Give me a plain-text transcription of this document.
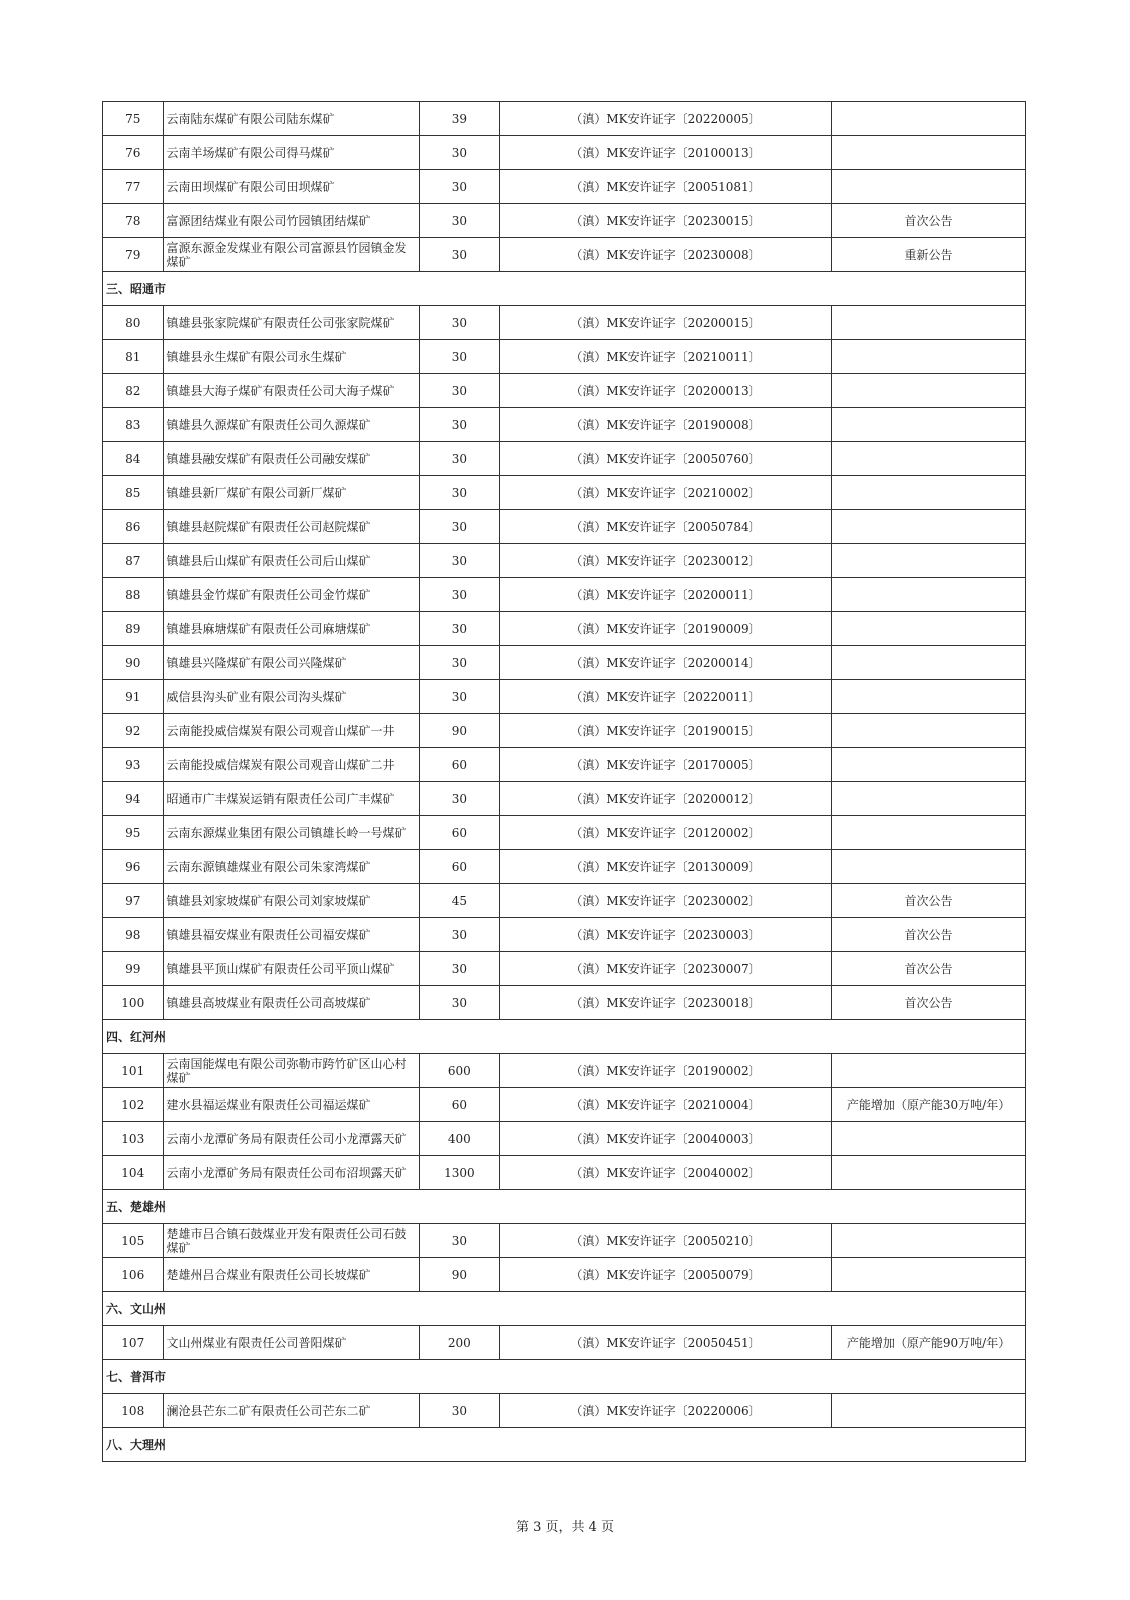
75	云南陆东煤矿有限公司陆东煤矿	39	（滇）MK安许证字〔20220005〕	
76	云南羊场煤矿有限公司得马煤矿	30	（滇）MK安许证字〔20100013〕	
77	云南田坝煤矿有限公司田坝煤矿	30	（滇）MK安许证字〔20051081〕	
78	富源团结煤业有限公司竹园镇团结煤矿	30	（滇）MK安许证字〔20230015〕	首次公告
79	富源东源金发煤业有限公司富源县竹园镇金发煤矿	30	（滇）MK安许证字〔20230008〕	重新公告
三、昭通市				
80	镇雄县张家院煤矿有限责任公司张家院煤矿	30	（滇）MK安许证字〔20200015〕	
81	镇雄县永生煤矿有限公司永生煤矿	30	（滇）MK安许证字〔20210011〕	
82	镇雄县大海子煤矿有限责任公司大海子煤矿	30	（滇）MK安许证字〔20200013〕	
83	镇雄县久源煤矿有限责任公司久源煤矿	30	（滇）MK安许证字〔20190008〕	
84	镇雄县融安煤矿有限责任公司融安煤矿	30	（滇）MK安许证字〔20050760〕	
85	镇雄县新厂煤矿有限公司新厂煤矿	30	（滇）MK安许证字〔20210002〕	
86	镇雄县赵院煤矿有限责任公司赵院煤矿	30	（滇）MK安许证字〔20050784〕	
87	镇雄县后山煤矿有限责任公司后山煤矿	30	（滇）MK安许证字〔20230012〕	
88	镇雄县金竹煤矿有限责任公司金竹煤矿	30	（滇）MK安许证字〔20200011〕	
89	镇雄县麻塘煤矿有限责任公司麻塘煤矿	30	（滇）MK安许证字〔20190009〕	
90	镇雄县兴隆煤矿有限公司兴隆煤矿	30	（滇）MK安许证字〔20200014〕	
91	威信县沟头矿业有限公司沟头煤矿	30	（滇）MK安许证字〔20220011〕	
92	云南能投威信煤炭有限公司观音山煤矿一井	90	（滇）MK安许证字〔20190015〕	
93	云南能投威信煤炭有限公司观音山煤矿二井	60	（滇）MK安许证字〔20170005〕	
94	昭通市广丰煤炭运销有限责任公司广丰煤矿	30	（滇）MK安许证字〔20200012〕	
95	云南东源煤业集团有限公司镇雄长岭一号煤矿	60	（滇）MK安许证字〔20120002〕	
96	云南东源镇雄煤业有限公司朱家湾煤矿	60	（滇）MK安许证字〔20130009〕	
97	镇雄县刘家坡煤矿有限公司刘家坡煤矿	45	（滇）MK安许证字〔20230002〕	首次公告
98	镇雄县福安煤业有限责任公司福安煤矿	30	（滇）MK安许证字〔20230003〕	首次公告
99	镇雄县平顶山煤矿有限责任公司平顶山煤矿	30	（滇）MK安许证字〔20230007〕	首次公告
100	镇雄县高坡煤业有限责任公司高坡煤矿	30	（滇）MK安许证字〔20230018〕	首次公告
四、红河州				
101	云南国能煤电有限公司弥勒市跨竹矿区山心村煤矿	600	（滇）MK安许证字〔20190002〕	
102	建水县福运煤业有限责任公司福运煤矿	60	（滇）MK安许证字〔20210004〕	产能增加（原产能30万吨/年）
103	云南小龙潭矿务局有限责任公司小龙潭露天矿	400	（滇）MK安许证字〔20040003〕	
104	云南小龙潭矿务局有限责任公司布沼坝露天矿	1300	（滇）MK安许证字〔20040002〕	
五、楚雄州				
105	楚雄市吕合镇石鼓煤业开发有限责任公司石鼓煤矿	30	（滇）MK安许证字〔20050210〕	
106	楚雄州吕合煤业有限责任公司长坡煤矿	90	（滇）MK安许证字〔20050079〕	
六、文山州				
107	文山州煤业有限责任公司普阳煤矿	200	（滇）MK安许证字〔20050451〕	产能增加（原产能90万吨/年）
七、普洱市				
108	澜沧县芒东二矿有限责任公司芒东二矿	30	（滇）MK安许证字〔20220006〕	
八、大理州				
第 3 页，共 4 页
